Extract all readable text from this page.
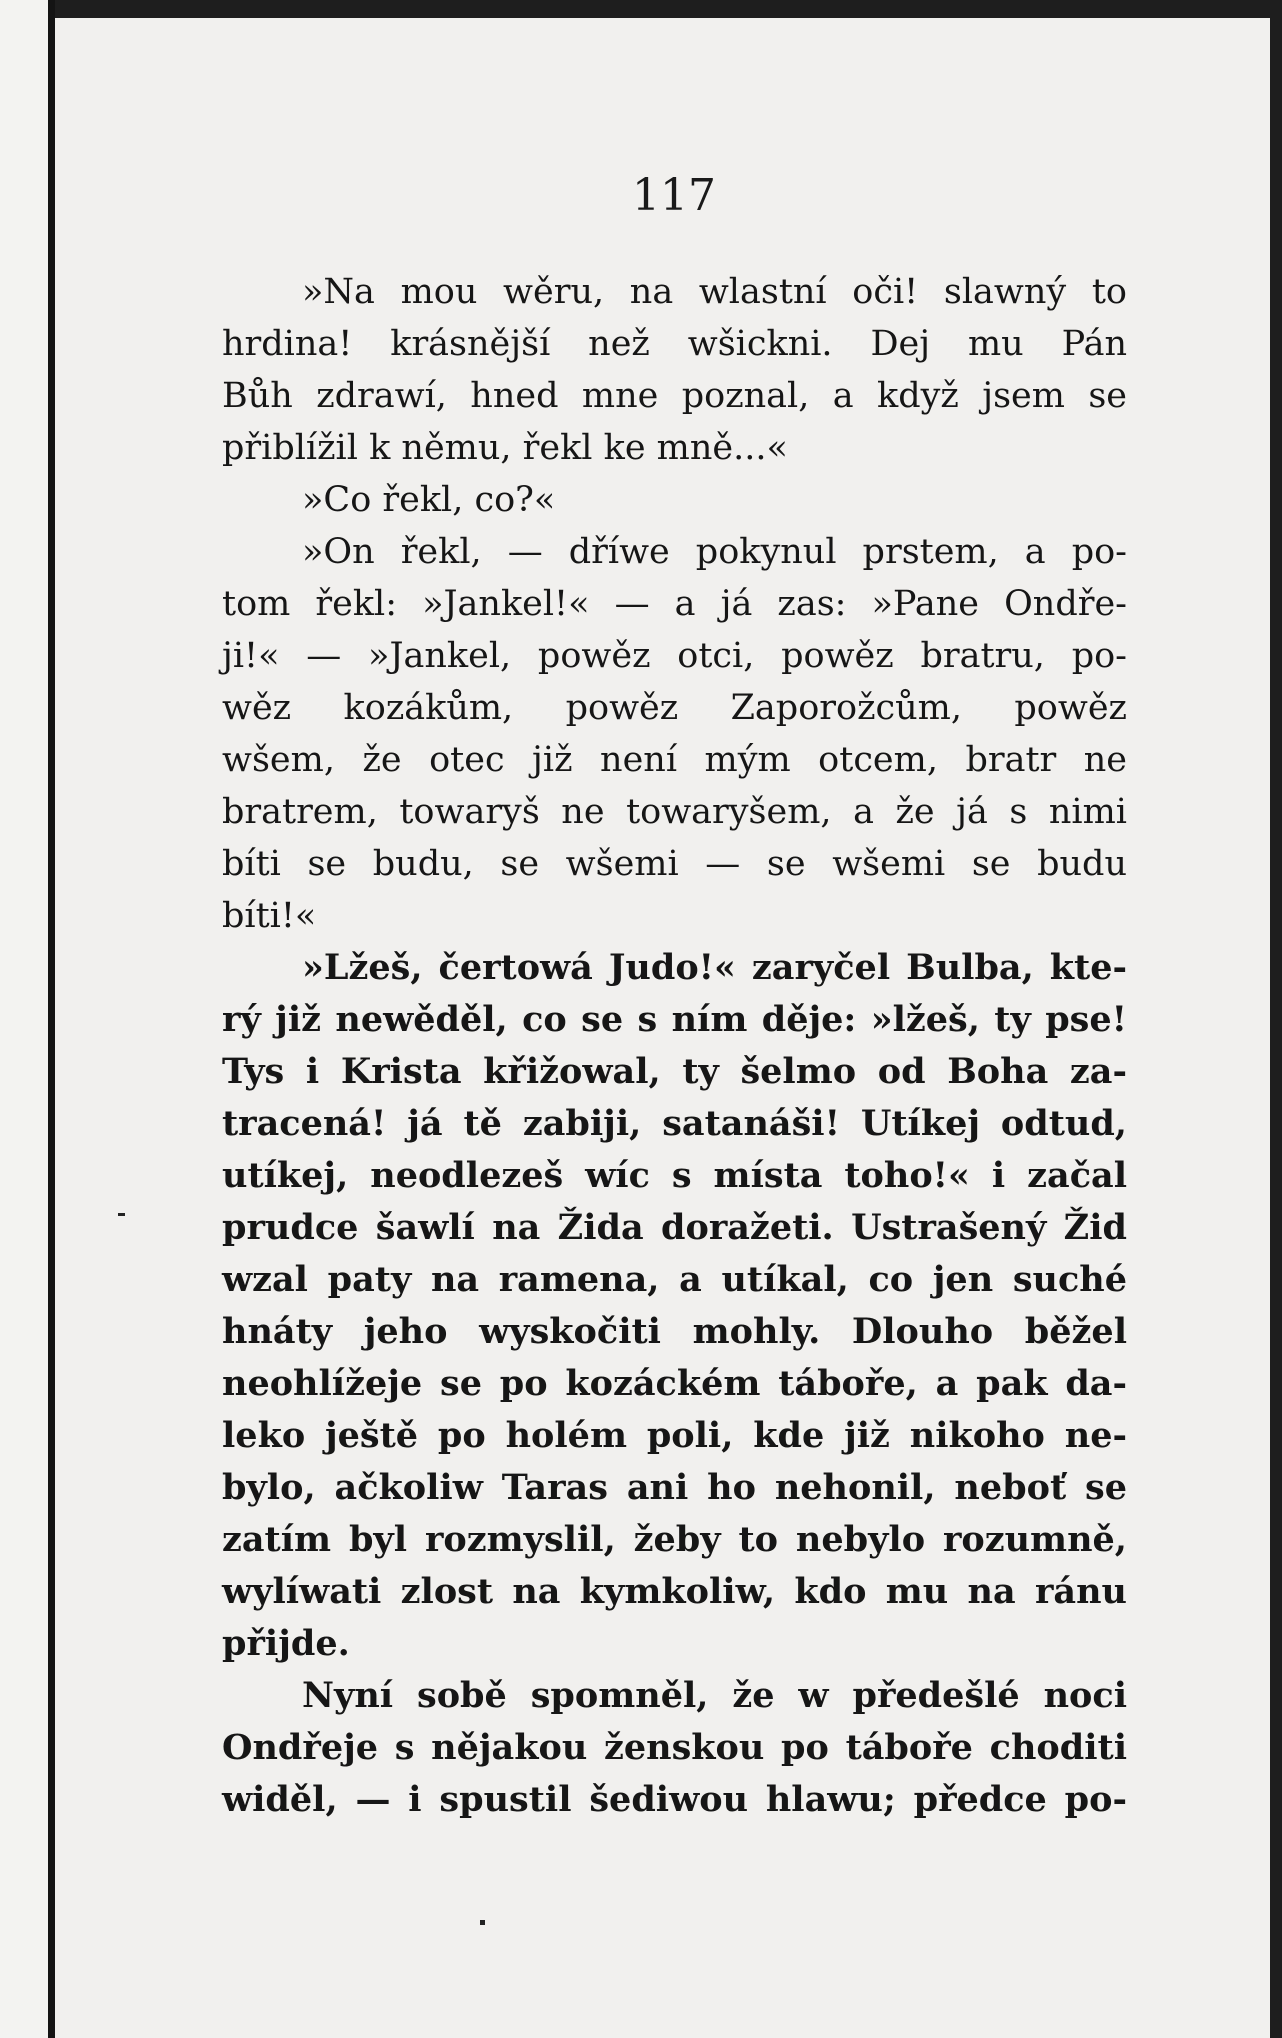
117
»Na mou wěru, na wlastní oči! slawný to
hrdina! krásnější než wšickni. Dej mu Pán
Bůh zdrawí, hned mne poznal, a když jsem se
přiblížil k němu, řekl ke mně...«
»Co řekl, co?«
»On řekl, — dříwe pokynul prstem, a po-
tom řekl: »Jankel!« — a já zas: »Pane Ondře-
ji!« — »Jankel, powěz otci, powěz bratru, po-
wěz kozákům, powěz Zaporožcům, powěz
wšem, že otec již není mým otcem, bratr ne
bratrem, towaryš ne towaryšem, a že já s nimi
bíti se budu, se wšemi — se wšemi se budu
bíti!«
»Lžeš, čertowá Judo!« zaryčel Bulba, kte-
rý již newěděl, co se s ním děje: »lžeš, ty pse!
Tys i Krista křižowal, ty šelmo od Boha za-
tracená! já tě zabiji, satanáši! Utíkej odtud,
utíkej, neodlezeš wíc s místa toho!« i začal
prudce šawlí na Žida doražeti. Ustrašený Žid
wzal paty na ramena, a utíkal, co jen suché
hnáty jeho wyskočiti mohly. Dlouho běžel
neohlížeje se po kozáckém táboře, a pak da-
leko ještě po holém poli, kde již nikoho ne-
bylo, ačkoliw Taras ani ho nehonil, neboť se
zatím byl rozmyslil, žeby to nebylo rozumně,
wylíwati zlost na kymkoliw, kdo mu na ránu
přijde.
Nyní sobě spomněl, že w předešlé noci
Ondřeje s nějakou ženskou po táboře choditi
widěl, — i spustil šediwou hlawu; předce po-
